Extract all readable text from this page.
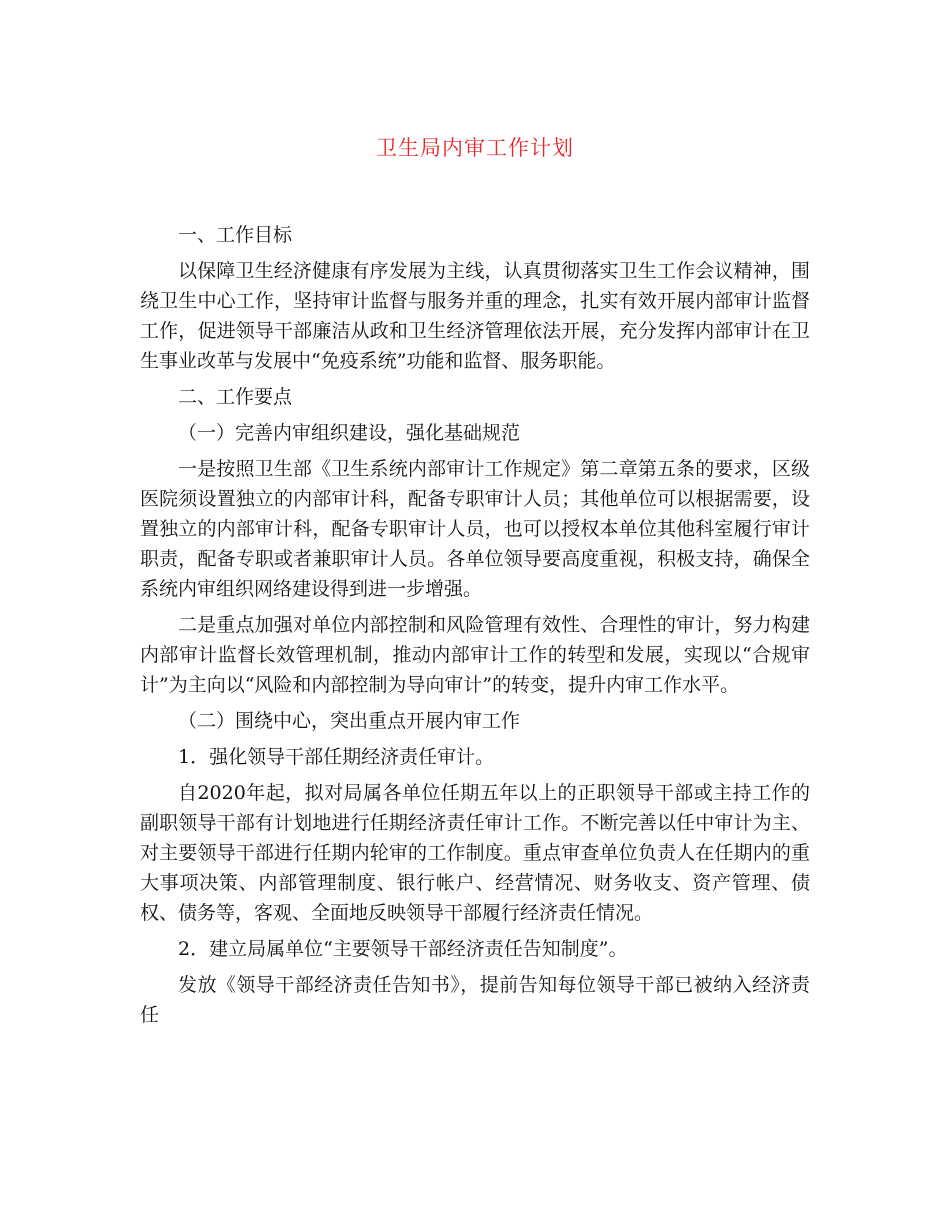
卫生局内审工作计划

一、工作目标

以保障卫生经济健康有序发展为主线，认真贯彻落实卫生工作会议精神，围绕卫生中心工作，坚持审计监督与服务并重的理念，扎实有效开展内部审计监督工作，促进领导干部廉洁从政和卫生经济管理依法开展，充分发挥内部审计在卫生事业改革与发展中“免疫系统”功能和监督、服务职能。

二、工作要点

（一）完善内审组织建设，强化基础规范

一是按照卫生部《卫生系统内部审计工作规定》第二章第五条的要求，区级医院须设置独立的内部审计科，配备专职审计人员；其他单位可以根据需要，设置独立的内部审计科，配备专职审计人员，也可以授权本单位其他科室履行审计职责，配备专职或者兼职审计人员。各单位领导要高度重视，积极支持，确保全系统内审组织网络建设得到进一步增强。

二是重点加强对单位内部控制和风险管理有效性、合理性的审计，努力构建内部审计监督长效管理机制，推动内部审计工作的转型和发展，实现以“合规审计”为主向以“风险和内部控制为导向审计”的转变，提升内审工作水平。

（二）围绕中心，突出重点开展内审工作

1．强化领导干部任期经济责任审计。

自2020年起，拟对局属各单位任期五年以上的正职领导干部或主持工作的副职领导干部有计划地进行任期经济责任审计工作。不断完善以任中审计为主、对主要领导干部进行任期内轮审的工作制度。重点审查单位负责人在任期内的重大事项决策、内部管理制度、银行帐户、经营情况、财务收支、资产管理、债权、债务等，客观、全面地反映领导干部履行经济责任情况。

2．建立局属单位“主要领导干部经济责任告知制度”。

发放《领导干部经济责任告知书》，提前告知每位领导干部已被纳入经济责任
